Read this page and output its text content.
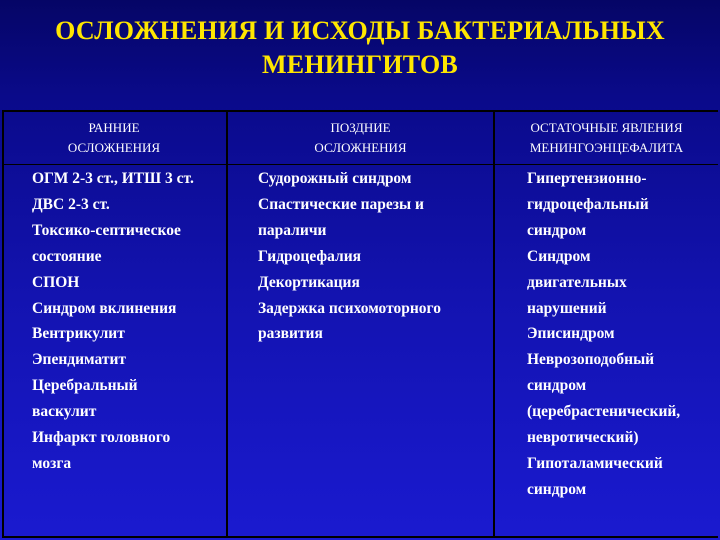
ОСЛОЖНЕНИЯ И ИСХОДЫ БАКТЕРИАЛЬНЫХ
МЕНИНГИТОВ
РАННИЕ
ОСЛОЖНЕНИЯ
ПОЗДНИЕ
ОСЛОЖНЕНИЯ
ОСТАТОЧНЫЕ ЯВЛЕНИЯ
МЕНИНГОЭНЦЕФАЛИТА
ОГМ 2-3 ст., ИТШ 3 ст.
ДВС 2-3 ст.
Токсико-септическое
состояние
СПОН
Синдром вклинения
Вентрикулит
Эпендиматит
Церебральный
васкулит
Инфаркт головного
мозга
Судорожный синдром
Спастические парезы и
параличи
Гидроцефалия
Декортикация
Задержка психомоторного
развития
Гипертензионно-
гидроцефальный
синдром
Синдром
двигательных
нарушений
Эписиндром
Неврозоподобный
синдром
(церебрастенический,
невротический)
Гипоталамический
синдром
